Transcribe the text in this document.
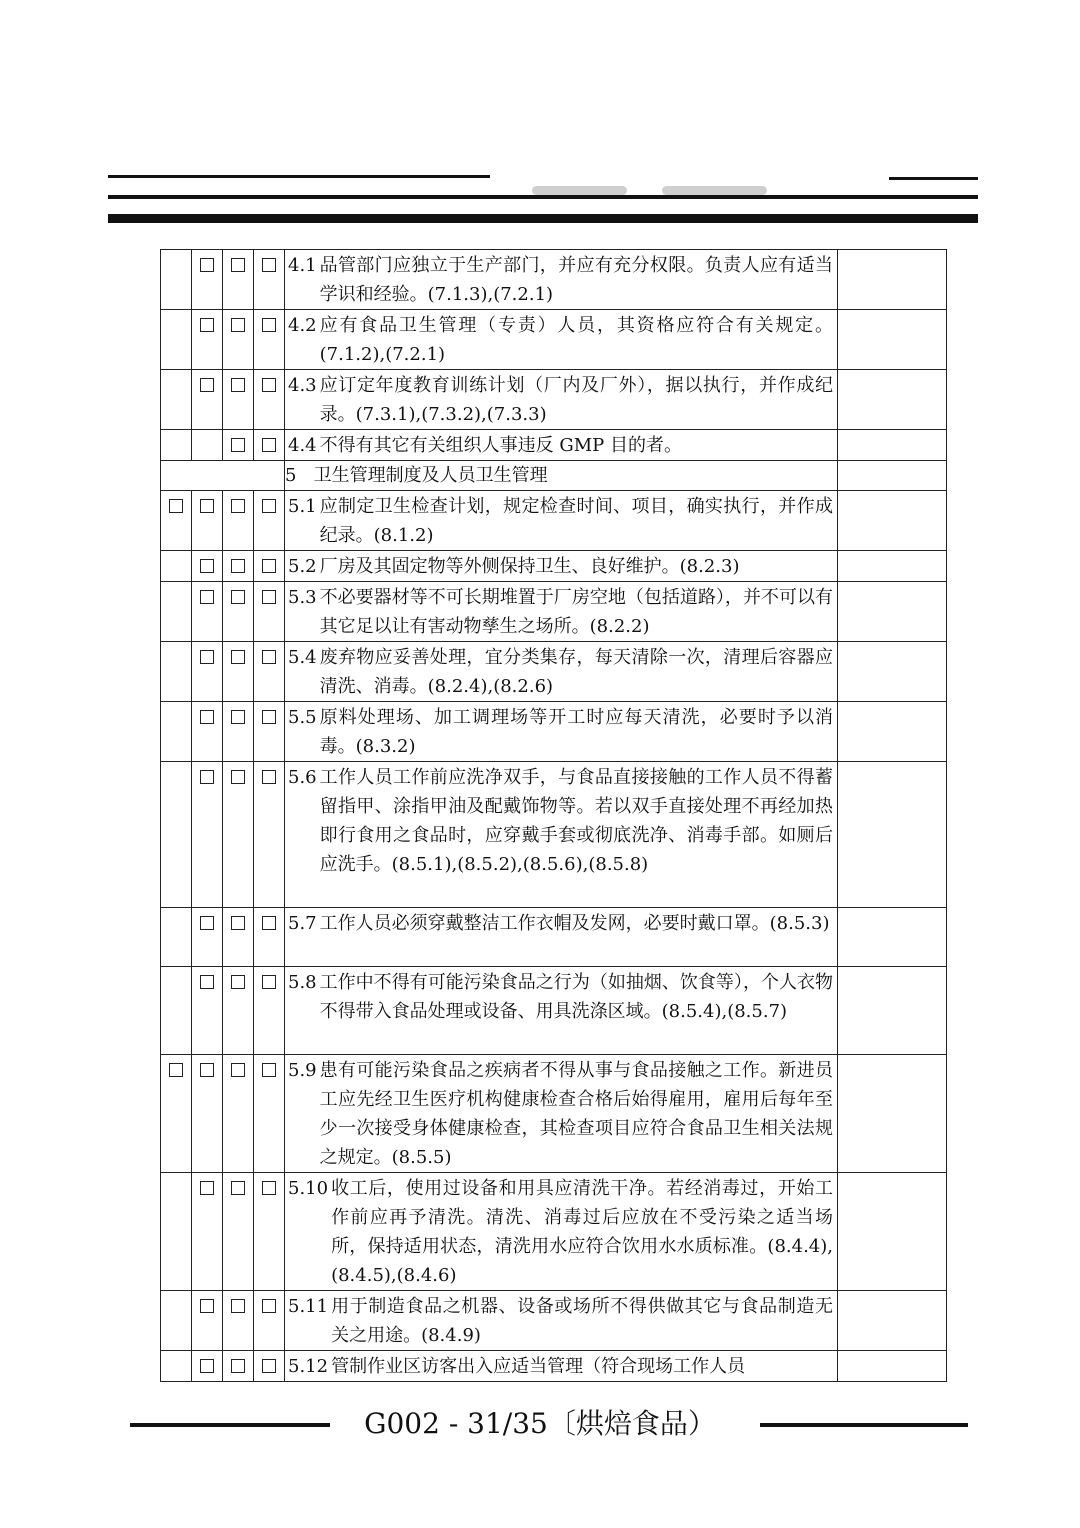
				4.1 品管部门应独立于生产部门，并应有充分权限。负责人应有适当学识和经验。(7.1.3),(7.2.1)	

				4.2 应有食品卫生管理（专责）人员，其资格应符合有关规定。(7.1.2),(7.2.1)	

				4.3 应订定年度教育训练计划（厂内及厂外），据以执行，并作成纪录。(7.3.1),(7.3.2),(7.3.3)	

				4.4 不得有其它有关组织人事违反 GMP 目的者。	

				5   卫生管理制度及人员卫生管理	

				5.1 应制定卫生检查计划，规定检查时间、项目，确实执行，并作成纪录。(8.1.2)	

				5.2 厂房及其固定物等外侧保持卫生、良好维护。(8.2.3)	

				5.3 不必要器材等不可长期堆置于厂房空地（包括道路），并不可以有其它足以让有害动物孳生之场所。(8.2.2)	

				5.4 废弃物应妥善处理，宜分类集存，每天清除一次，清理后容器应清洗、消毒。(8.2.4),(8.2.6)	

				5.5 原料处理场、加工调理场等开工时应每天清洗，必要时予以消毒。(8.3.2)	

				5.6 工作人员工作前应洗净双手，与食品直接接触的工作人员不得蓄留指甲、涂指甲油及配戴饰物等。若以双手直接处理不再经加热即行食用之食品时，应穿戴手套或彻底洗净、消毒手部。如厕后应洗手。(8.5.1),(8.5.2),(8.5.6),(8.5.8)	

				5.7 工作人员必须穿戴整洁工作衣帽及发网，必要时戴口罩。(8.5.3)	

				5.8 工作中不得有可能污染食品之行为（如抽烟、饮食等），个人衣物不得带入食品处理或设备、用具洗涤区域。(8.5.4),(8.5.7)	

				5.9 患有可能污染食品之疾病者不得从事与食品接触之工作。新进员工应先经卫生医疗机构健康检查合格后始得雇用，雇用后每年至少一次接受身体健康检查，其检查项目应符合食品卫生相关法规之规定。(8.5.5)	

				5.10 收工后，使用过设备和用具应清洗干净。若经消毒过，开始工作前应再予清洗。清洗、消毒过后应放在不受污染之适当场所，保持适用状态，清洗用水应符合饮用水水质标准。(8.4.4),(8.4.5),(8.4.6)	

				5.11 用于制造食品之机器、设备或场所不得供做其它与食品制造无关之用途。(8.4.9)	

				5.12 管制作业区访客出入应适当管理（符合现场工作人员	

G002 - 31/35〔烘焙食品）
